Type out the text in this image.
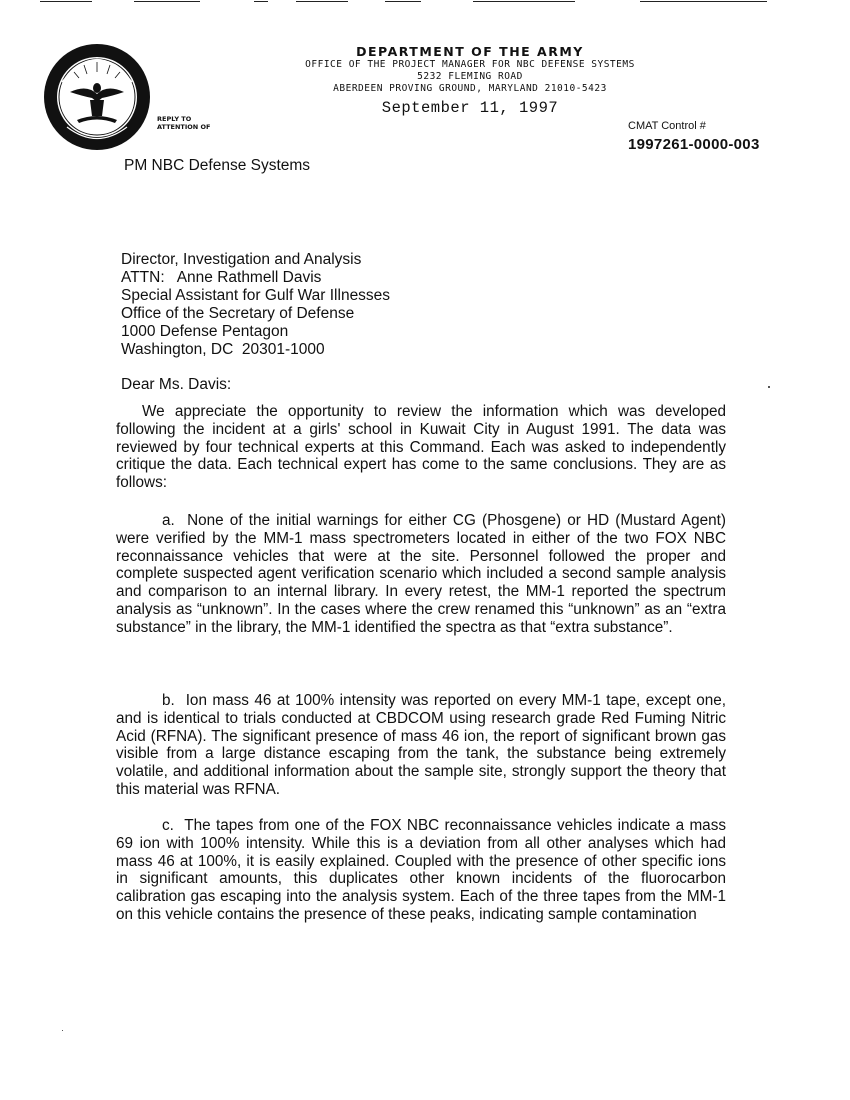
DEPARTMENT OF THE ARMY
OFFICE OF THE PROJECT MANAGER FOR NBC DEFENSE SYSTEMS
5232 FLEMING ROAD
ABERDEEN PROVING GROUND, MARYLAND 21010-5423
September 11, 1997
REPLY TO
ATTENTION OF	CMAT Control #
1997261-0000-003
PM NBC Defense Systems
Director, Investigation and Analysis
ATTN:   Anne Rathmell Davis
Special Assistant for Gulf War Illnesses
Office of the Secretary of Defense
1000 Defense Pentagon
Washington, DC  20301-1000
Dear Ms. Davis:

We appreciate the opportunity to review the information which was developed following the incident at a girls' school in Kuwait City in August 1991. The data was reviewed by four technical experts at this Command. Each was asked to independently critique the data. Each technical expert has come to the same conclusions. They are as follows:

a. None of the initial warnings for either CG (Phosgene) or HD (Mustard Agent) were verified by the MM-1 mass spectrometers located in either of the two FOX NBC reconnaissance vehicles that were at the site. Personnel followed the proper and complete suspected agent verification scenario which included a second sample analysis and comparison to an internal library. In every retest, the MM-1 reported the spectrum analysis as “unknown”. In the cases where the crew renamed this “unknown” as an “extra substance” in the library, the MM-1 identified the spectra as that “extra substance”.

b. Ion mass 46 at 100% intensity was reported on every MM-1 tape, except one, and is identical to trials conducted at CBDCOM using research grade Red Fuming Nitric Acid (RFNA). The significant presence of mass 46 ion, the report of significant brown gas visible from a large distance escaping from the tank, the substance being extremely volatile, and additional information about the sample site, strongly support the theory that this material was RFNA.

c. The tapes from one of the FOX NBC reconnaissance vehicles indicate a mass 69 ion with 100% intensity. While this is a deviation from all other analyses which had mass 46 at 100%, it is easily explained. Coupled with the presence of other specific ions in significant amounts, this duplicates other known incidents of the fluorocarbon calibration gas escaping into the analysis system. Each of the three tapes from the MM-1 on this vehicle contains the presence of these peaks, indicating sample contamination
